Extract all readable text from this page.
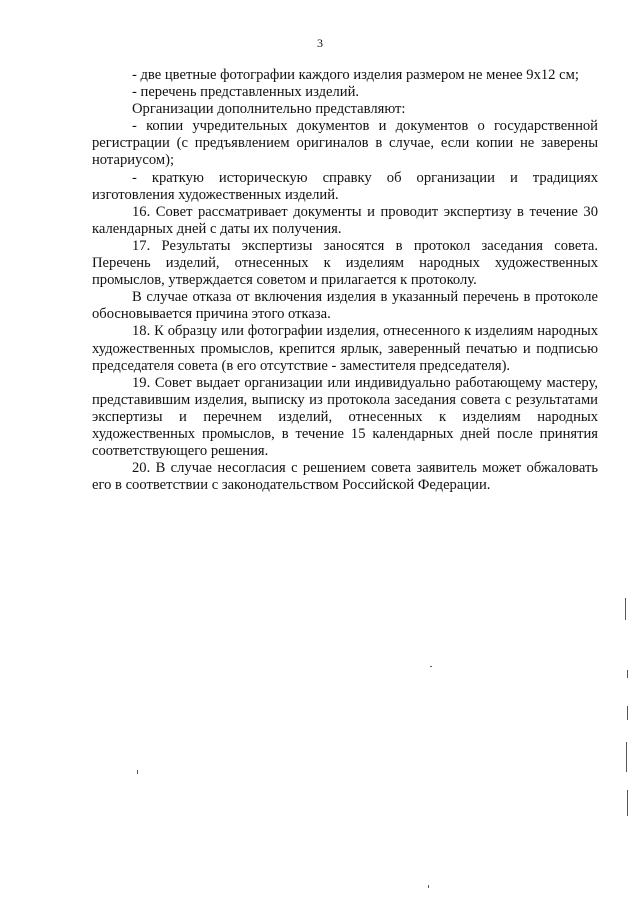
3

- две цветные фотографии каждого изделия размером не менее 9х12 см;

- перечень представленных изделий.

Организации дополнительно представляют:

- копии учредительных документов и документов о государственной регистрации (с предъявлением оригиналов в случае, если копии не заверены нотариусом);

- краткую историческую справку об организации и традициях изготовления художественных изделий.

16. Совет рассматривает документы и проводит экспертизу в течение 30 календарных дней с даты их получения.

17. Результаты экспертизы заносятся в протокол заседания совета. Перечень изделий, отнесенных к изделиям народных художественных промыслов, утверждается советом и прилагается к протоколу.

В случае отказа от включения изделия в указанный перечень в протоколе обосновывается причина этого отказа.

18. К образцу или фотографии изделия, отнесенного к изделиям народных художественных промыслов, крепится ярлык, заверенный печатью и подписью председателя совета (в его отсутствие - заместителя председателя).

19. Совет выдает организации или индивидуально работающему мастеру, представившим изделия, выписку из протокола заседания совета с результатами экспертизы и перечнем изделий, отнесенных к изделиям народных художественных промыслов, в течение 15 календарных дней после принятия соответствующего решения.

20. В случае несогласия с решением совета заявитель может обжаловать его в соответствии с законодательством Российской Федерации.
